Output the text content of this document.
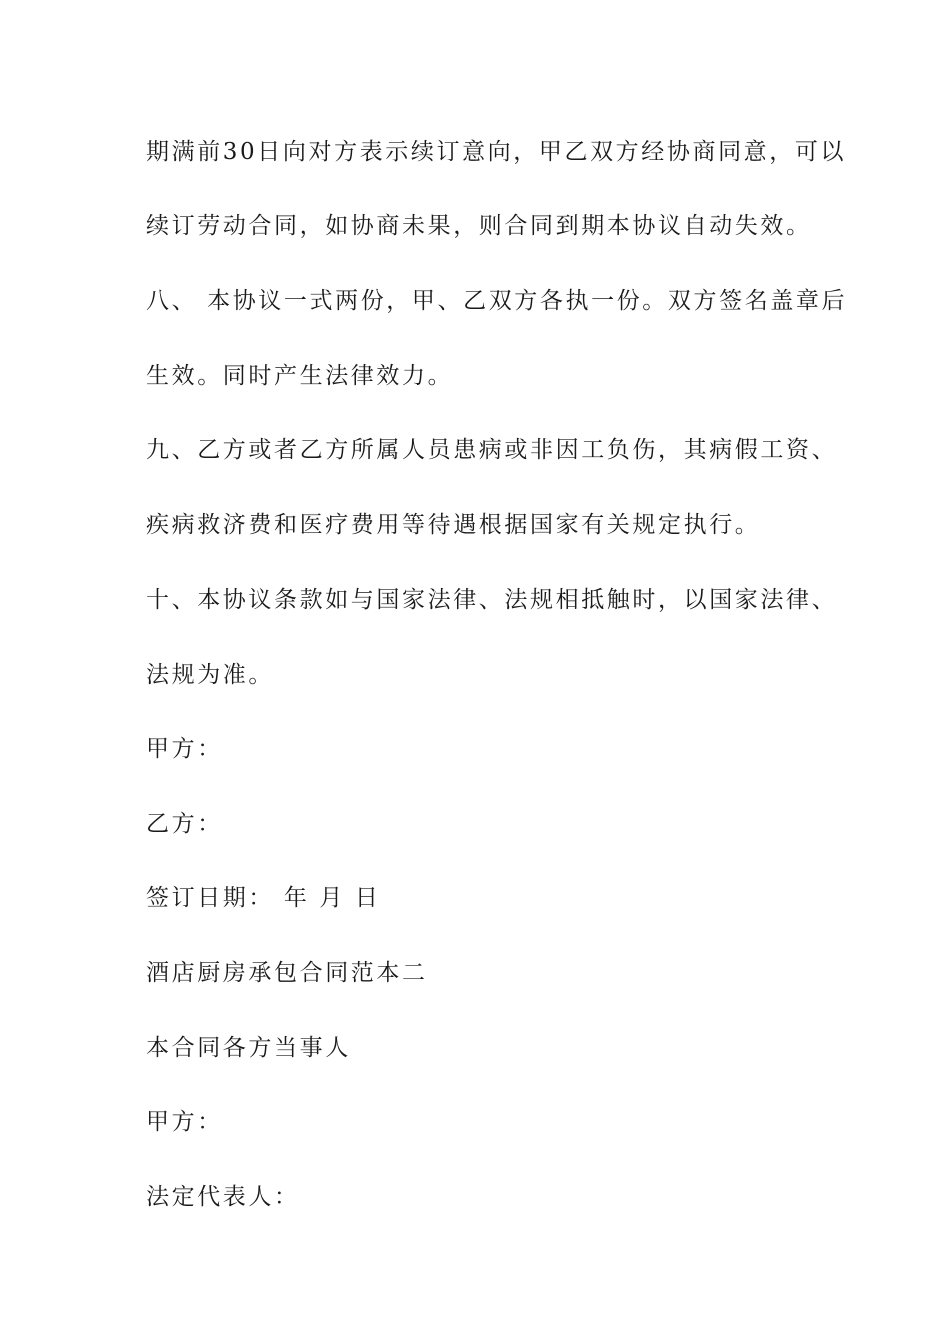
期满前30日向对方表示续订意向，甲乙双方经协商同意，可以
续订劳动合同，如协商未果，则合同到期本协议自动失效。
八、 本协议一式两份，甲、乙双方各执一份。双方签名盖章后
生效。同时产生法律效力。
九、乙方或者乙方所属人员患病或非因工负伤，其病假工资、
疾病救济费和医疗费用等待遇根据国家有关规定执行。
十、本协议条款如与国家法律、法规相抵触时，以国家法律、
法规为准。
甲方：
乙方：
签订日期： 年 月 日
酒店厨房承包合同范本二
本合同各方当事人
甲方：
法定代表人：
